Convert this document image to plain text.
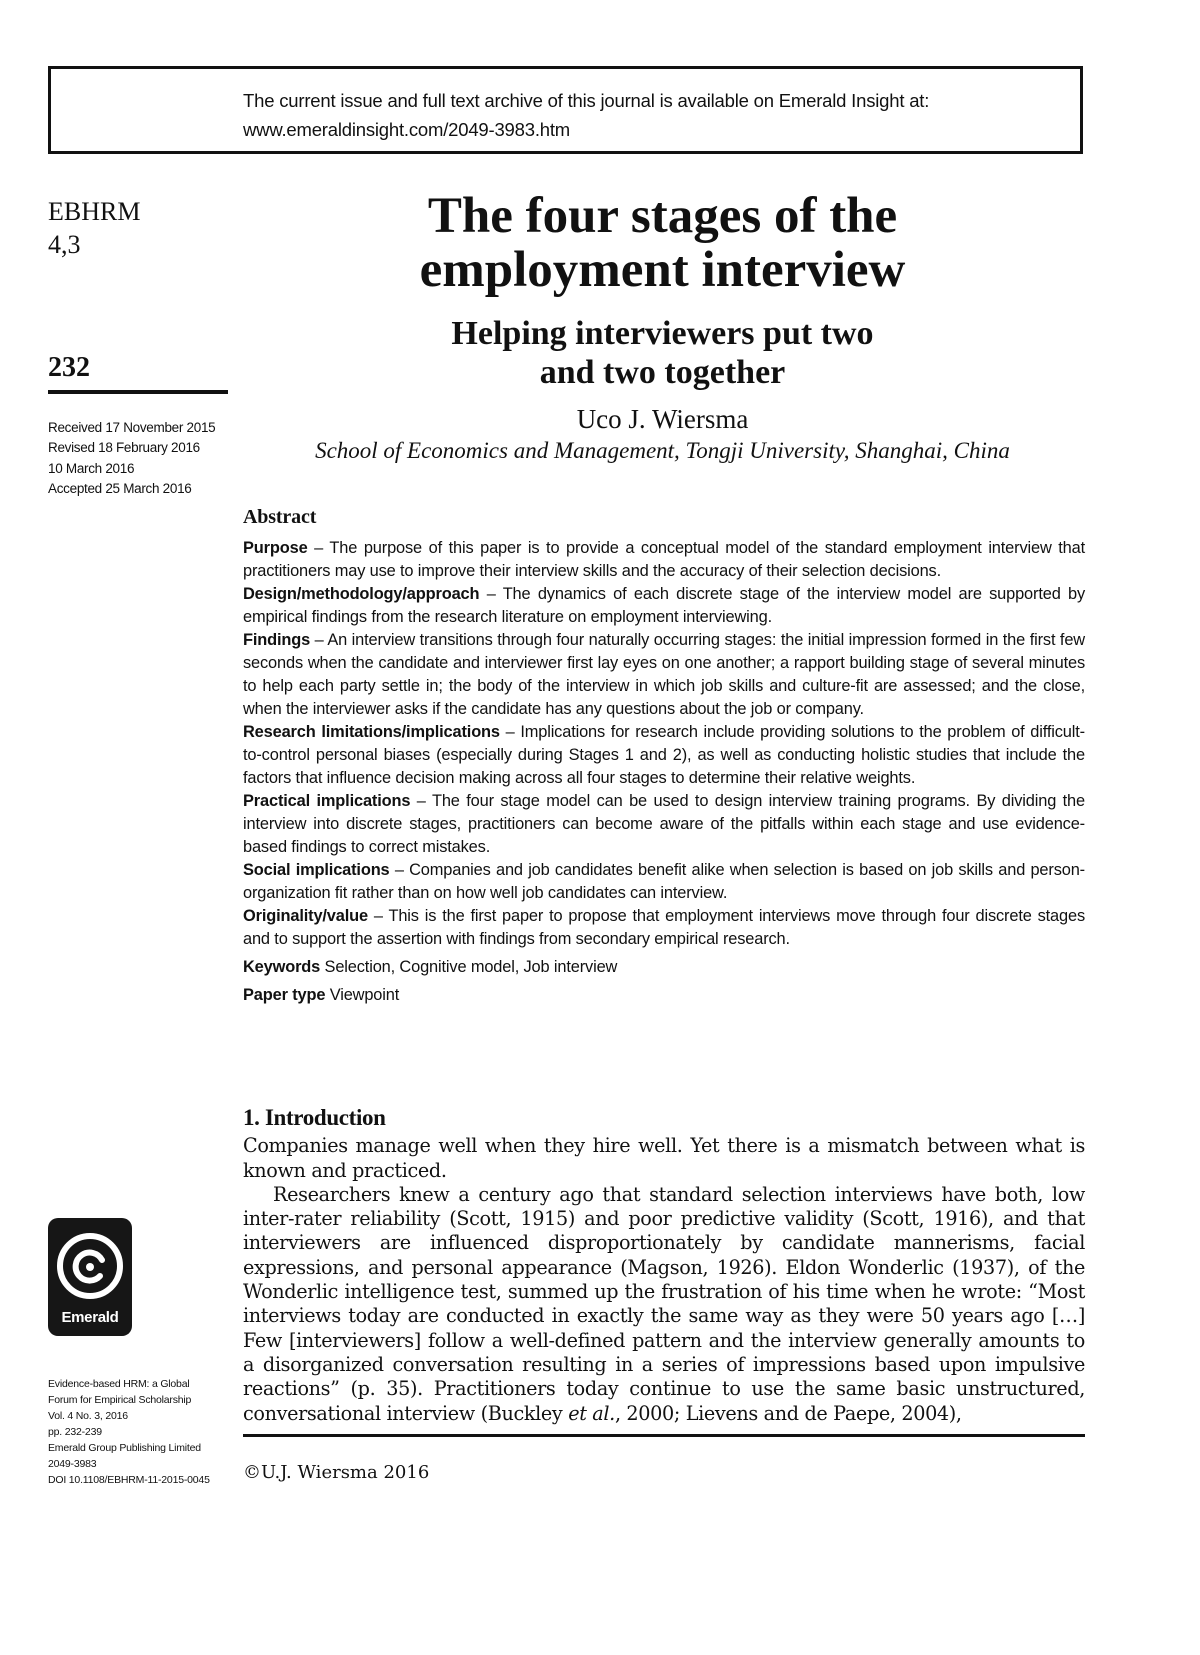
The current issue and full text archive of this journal is available on Emerald Insight at:
www.emeraldinsight.com/2049-3983.htm
EBHRM
4,3
232
Received 17 November 2015
Revised 18 February 2016
10 March 2016
Accepted 25 March 2016
The four stages of the
employment interview
Helping interviewers put two
and two together
Uco J. Wiersma
School of Economics and Management, Tongji University, Shanghai, China
Abstract

Purpose – The purpose of this paper is to provide a conceptual model of the standard employment interview that practitioners may use to improve their interview skills and the accuracy of their selection decisions.

Design/methodology/approach – The dynamics of each discrete stage of the interview model are supported by empirical findings from the research literature on employment interviewing.

Findings – An interview transitions through four naturally occurring stages: the initial impression formed in the first few seconds when the candidate and interviewer first lay eyes on one another; a rapport building stage of several minutes to help each party settle in; the body of the interview in which job skills and culture-fit are assessed; and the close, when the interviewer asks if the candidate has any questions about the job or company.

Research limitations/implications – Implications for research include providing solutions to the problem of difficult-to-control personal biases (especially during Stages 1 and 2), as well as conducting holistic studies that include the factors that influence decision making across all four stages to determine their relative weights.

Practical implications – The four stage model can be used to design interview training programs. By dividing the interview into discrete stages, practitioners can become aware of the pitfalls within each stage and use evidence-based findings to correct mistakes.

Social implications – Companies and job candidates benefit alike when selection is based on job skills and person-organization fit rather than on how well job candidates can interview.

Originality/value – This is the first paper to propose that employment interviews move through four discrete stages and to support the assertion with findings from secondary empirical research.

Keywords Selection, Cognitive model, Job interview

Paper type Viewpoint

1. Introduction

Companies manage well when they hire well. Yet there is a mismatch between what is known and practiced.

Researchers knew a century ago that standard selection interviews have both, low inter-rater reliability (Scott, 1915) and poor predictive validity (Scott, 1916), and that interviewers are influenced disproportionately by candidate mannerisms, facial expressions, and personal appearance (Magson, 1926). Eldon Wonderlic (1937), of the Wonderlic intelligence test, summed up the frustration of his time when he wrote: “Most interviews today are conducted in exactly the same way as they were 50 years ago […] Few [interviewers] follow a well-defined pattern and the interview generally amounts to a disorganized conversation resulting in a series of impressions based upon impulsive reactions” (p. 35). Practitioners today continue to use the same basic unstructured, conversational interview (Buckley et al., 2000; Lievens and de Paepe, 2004),

©U.J. Wiersma 2016
Emerald
Evidence-based HRM: a Global
Forum for Empirical Scholarship
Vol. 4 No. 3, 2016
pp. 232-239
Emerald Group Publishing Limited
2049-3983
DOI 10.1108/EBHRM-11-2015-0045
